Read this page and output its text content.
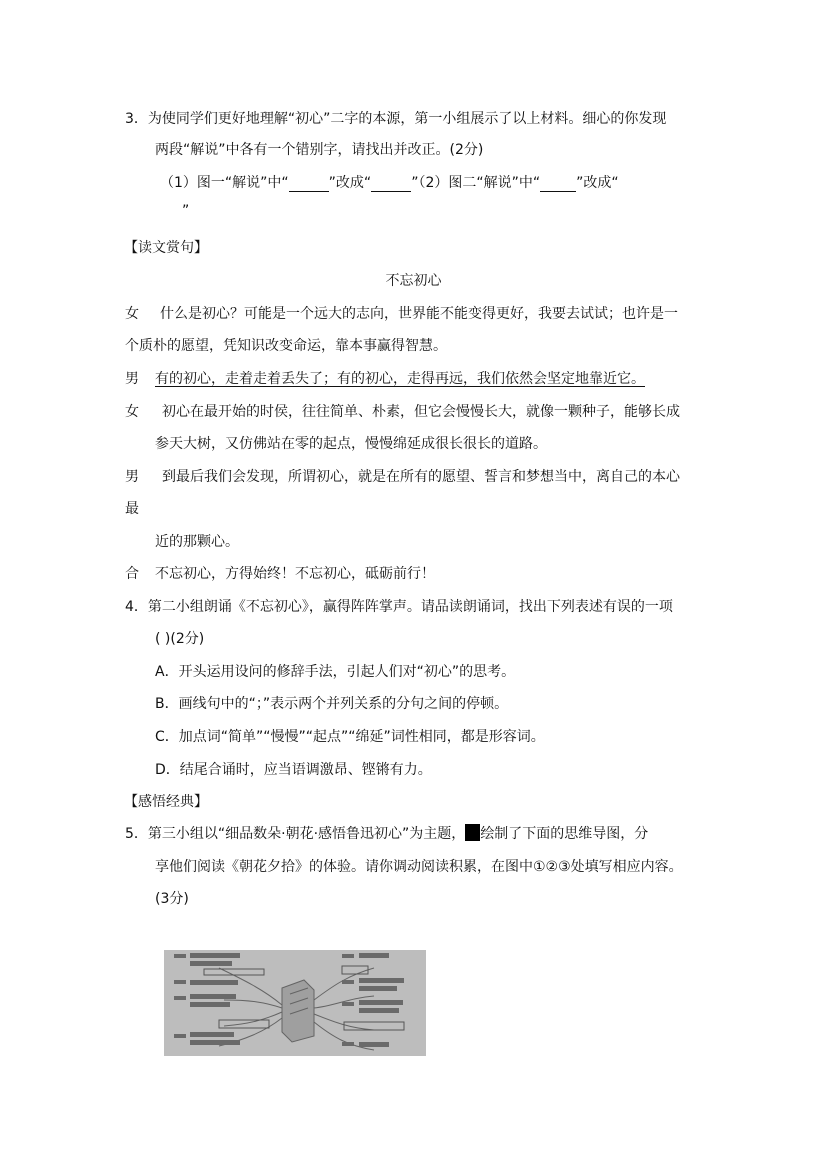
3．为使同学们更好地理解“初心”二字的本源，第一小组展示了以上材料。细心的你发现
两段“解说”中各有一个错别字，请找出并改正。(2分)
（1）图一“解说”中“	”改成“	”（2）图二“解说”中“	”改成“
”
【读文赏句】
不忘初心
女 什么是初心？可能是一个远大的志向，世界能不能变得更好，我要去试试；也许是一
个质朴的愿望，凭知识改变命运，靠本事赢得智慧。
男 有的初心，走着走着丢失了；有的初心，走得再远，我们依然会坚定地靠近它。
女 初心在最开始的时侯，往往简单、朴素，但它会慢慢长大，就像一颗种子，能够长成
参天大树，又仿佛站在零的起点，慢慢绵延成很长很长的道路。
男 到最后我们会发现，所谓初心，就是在所有的愿望、誓言和梦想当中，离自己的本心
最
近的那颗心。
合 不忘初心，方得始终！不忘初心，砥砺前行！
4．第二小组朗诵《不忘初心》，赢得阵阵掌声。请品读朗诵词，找出下列表述有误的一项
( )(2分)
A．开头运用设问的修辞手法，引起人们对“初心”的思考。
B．画线句中的“；”表示两个并列关系的分句之间的停顿。
C．加点词“简单”“慢慢”“起点”“绵延”词性相同，都是形容词。
D．结尾合诵时，应当语调激昂、铿锵有力。
【感悟经典】
5．第三小组以“细品数朵·朝花·感悟鲁迅初心”为主题， 绘制了下面的思维导图，分
享他们阅读《朝花夕拾》的体验。请你调动阅读积累，在图中①②③处填写相应内容。
(3分)
